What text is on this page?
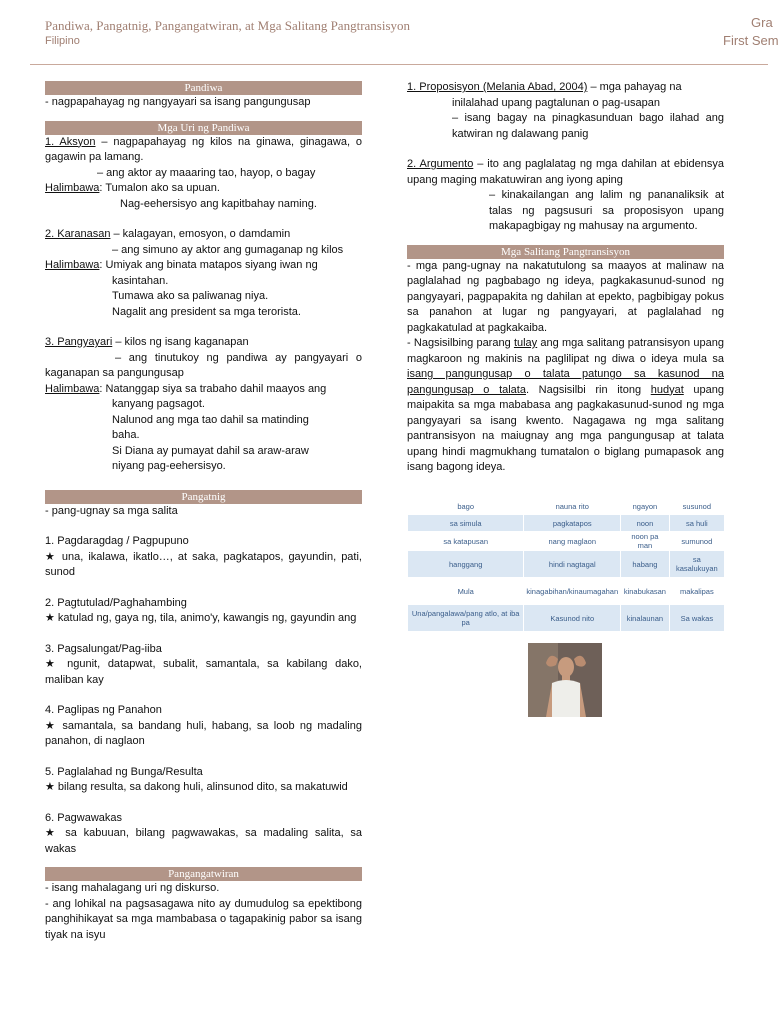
Pandiwa, Pangatnig, Pangangatwiran, at Mga Salitang Pangtransisyon
Filipino
Gra
First Sem
Pandiwa

- nagpapahayag ng nangyayari sa isang pangungusap

Mga Uri ng Pandiwa

1. Aksyon – nagpapahayag ng kilos na ginawa, ginagawa, o gagawin pa lamang.

– ang aktor ay maaaring tao, hayop, o bagay

Halimbawa: Tumalon ako sa upuan.

Nag-eehersisyo ang kapitbahay naming.

2. Karanasan – kalagayan, emosyon, o damdamin

– ang simuno ay aktor ang gumaganap ng kilos

Halimbawa: Umiyak ang binata matapos siyang iwan ng

kasintahan.

Tumawa ako sa paliwanag niya.

Nagalit ang president sa mga terorista.

3. Pangyayari – kilos ng isang kaganapan

– ang tinutukoy ng pandiwa ay pangyayari o kaganapan sa pangungusap

Halimbawa: Natanggap siya sa trabaho dahil maayos ang

kanyang pagsagot.

Nalunod ang mga tao dahil sa matinding

baha.

Si Diana ay pumayat dahil sa araw-araw

niyang pag-eehersisyo.

Pangatnig

- pang-ugnay sa mga salita

1. Pagdaragdag / Pagpupuno

★ una, ikalawa, ikatlo…, at saka, pagkatapos, gayundin, pati, sunod

2. Pagtutulad/Paghahambing

★ katulad ng, gaya ng, tila, animo'y, kawangis ng, gayundin ang

3. Pagsalungat/Pag-iiba

★ ngunit, datapwat, subalit, samantala, sa kabilang dako, maliban kay

4. Paglipas ng Panahon

★ samantala, sa bandang huli, habang, sa loob ng madaling panahon, di naglaon

5. Paglalahad ng Bunga/Resulta

★ bilang resulta, sa dakong huli, alinsunod dito, sa makatuwid

6. Pagwawakas

★ sa kabuuan, bilang pagwawakas, sa madaling salita, sa wakas

Pangangatwiran

- isang mahalagang uri ng diskurso.

- ang lohikal na pagsasagawa nito ay dumudulog sa epektibong panghihikayat sa mga mambabasa o tagapakinig pabor sa isang tiyak na isyu

1. Proposisyon (Melania Abad, 2004) – mga pahayag na

inilalahad upang pagtalunan o pag-usapan

– isang bagay na pinagkasunduan bago ilahad ang katwiran ng dalawang panig

2. Argumento – ito ang paglalatag ng mga dahilan at ebidensya upang maging makatuwiran ang iyong aping

– kinakailangan ang lalim ng pananaliksik at talas ng pagsusuri sa proposisyon upang makapagbigay ng mahusay na argumento.

Mga Salitang Pangtransisyon

- mga pang-ugnay na nakatutulong sa maayos at malinaw na paglalahad ng pagbabago ng ideya, pagkakasunud-sunod ng pangyayari, pagpapakita ng dahilan at epekto, pagbibigay pokus sa panahon at lugar ng pangyayari, at paglalahad ng pagkakatulad at pagkakaiba.

- Nagsisilbing parang tulay ang mga salitang patransisyon upang magkaroon ng makinis na paglilipat ng diwa o ideya mula sa isang pangungusap o talata patungo sa kasunod na pangungusap o talata. Nagsisilbi rin itong hudyat upang maipakita sa mga mababasa ang pagkakasunud-sunod ng mga pangyayari sa isang kwento. Nagagawa ng mga salitang pantransisyon na maiugnay ang mga pangungusap at talata upang hindi magmukhang tumatalon o biglang pumapasok ang isang bagong ideya.

bago	nauna rito	ngayon	susunod
sa simula	pagkatapos	noon	sa huli
sa katapusan	nang maglaon	noon pa man	sumunod
hanggang	hindi nagtagal	habang	sa kasalukuyan
Mula	kinagabihan/kinaumagahan	kinabukasan	makalipas
Una/pangalawa/pang atlo, at iba pa	Kasunod nito	kinalaunan	Sa wakas
